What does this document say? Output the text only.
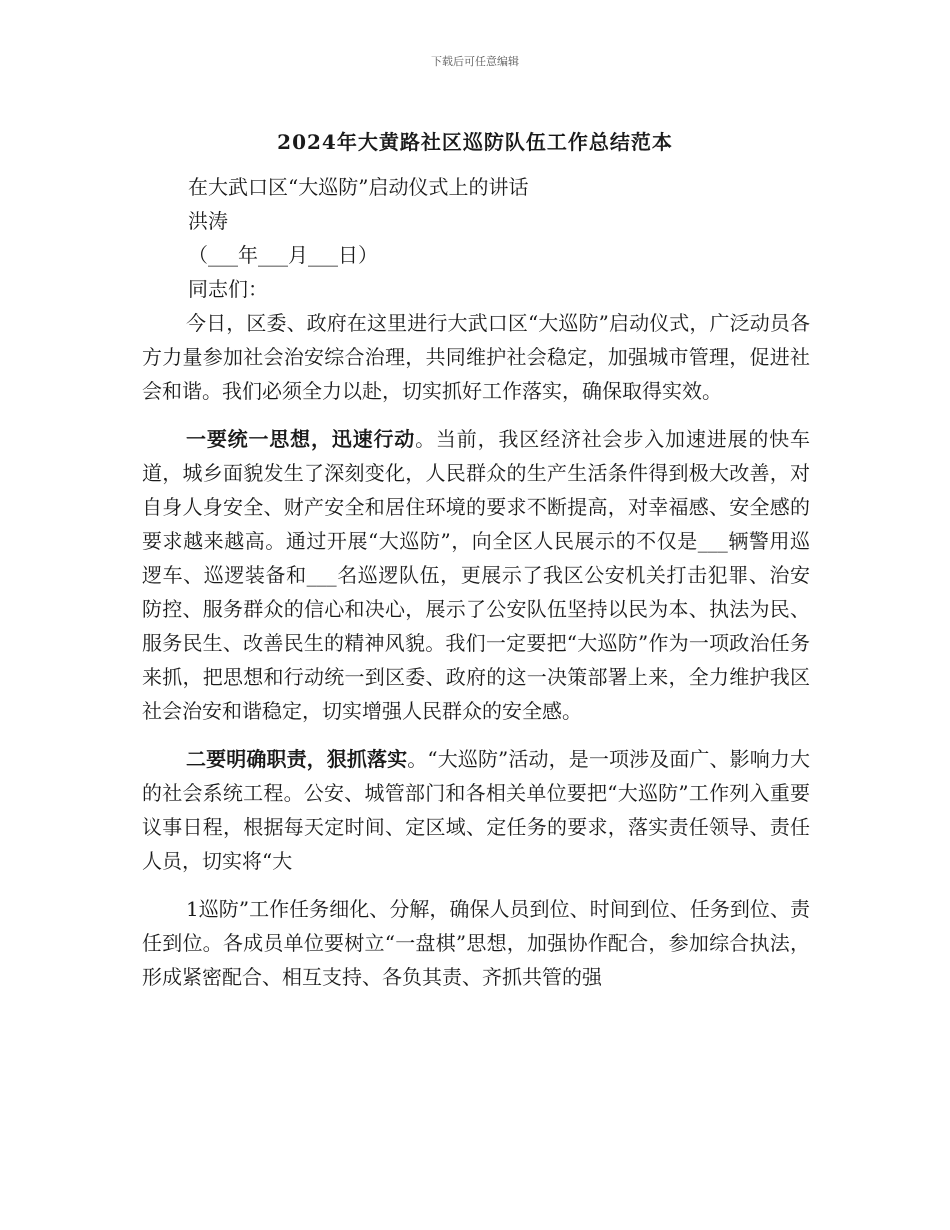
下载后可任意编辑
2024年大黄路社区巡防队伍工作总结范本
在大武口区“大巡防”启动仪式上的讲话
洪涛
（___年___月___日）
同志们：

今日，区委、政府在这里进行大武口区“大巡防”启动仪式，广泛动员各方力量参加社会治安综合治理，共同维护社会稳定，加强城市管理，促进社会和谐。我们必须全力以赴，切实抓好工作落实，确保取得实效。

一要统一思想，迅速行动。当前，我区经济社会步入加速进展的快车道，城乡面貌发生了深刻变化，人民群众的生产生活条件得到极大改善，对自身人身安全、财产安全和居住环境的要求不断提高，对幸福感、安全感的要求越来越高。通过开展“大巡防”，向全区人民展示的不仅是___辆警用巡逻车、巡逻装备和___名巡逻队伍，更展示了我区公安机关打击犯罪、治安防控、服务群众的信心和决心，展示了公安队伍坚持以民为本、执法为民、服务民生、改善民生的精神风貌。我们一定要把“大巡防”作为一项政治任务来抓，把思想和行动统一到区委、政府的这一决策部署上来，全力维护我区社会治安和谐稳定，切实增强人民群众的安全感。

二要明确职责，狠抓落实。“大巡防”活动，是一项涉及面广、影响力大的社会系统工程。公安、城管部门和各相关单位要把“大巡防”工作列入重要议事日程，根据每天定时间、定区域、定任务的要求，落实责任领导、责任人员，切实将“大

1巡防”工作任务细化、分解，确保人员到位、时间到位、任务到位、责任到位。各成员单位要树立“一盘棋”思想，加强协作配合，参加综合执法，形成紧密配合、相互支持、各负其责、齐抓共管的强
